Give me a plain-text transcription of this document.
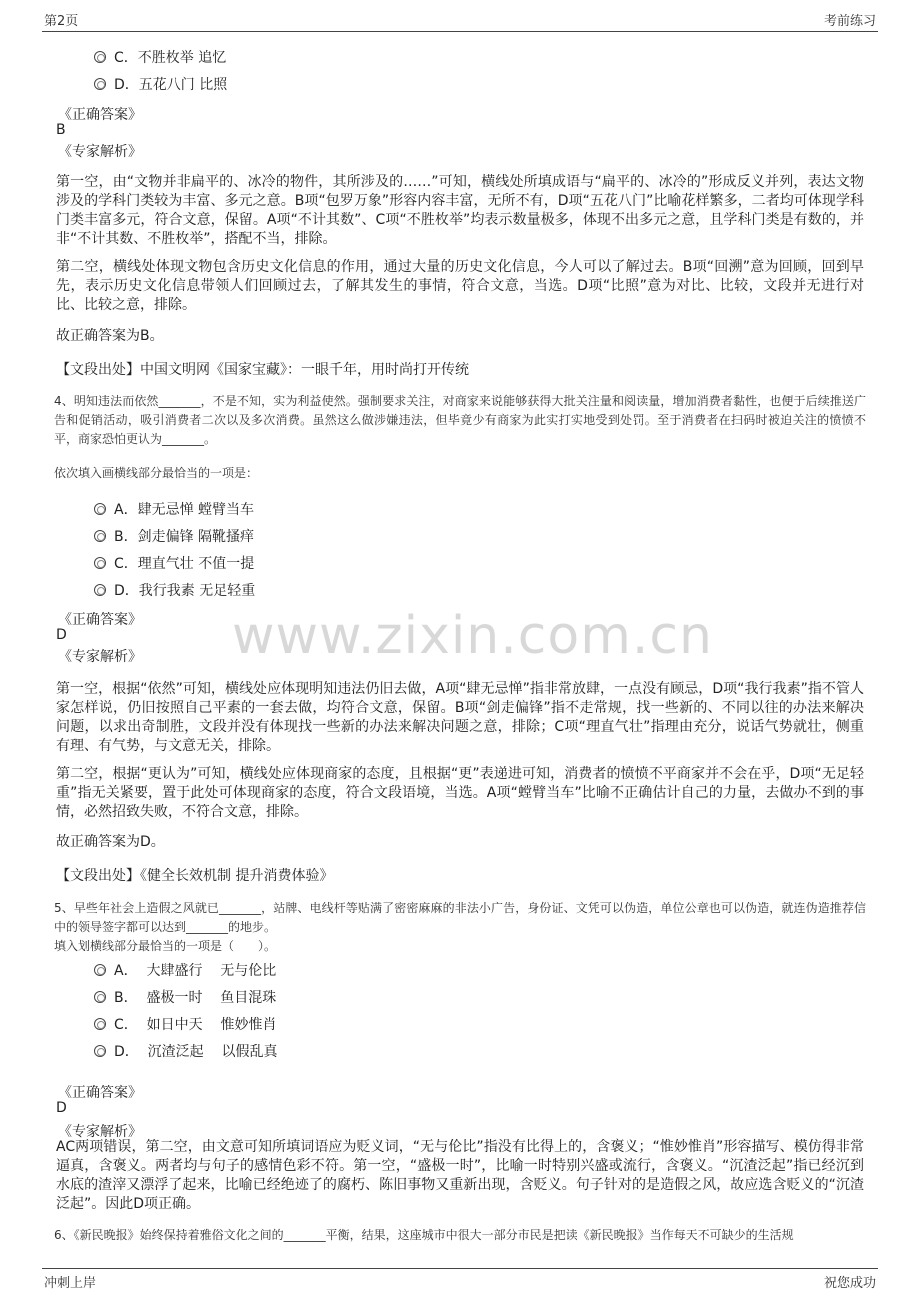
第2页	考前练习
www.zixin.com.cn
C．不胜枚举 追忆
D．五花八门 比照
《正确答案》
B
《专家解析》
第一空，由“文物并非扁平的、冰冷的物件，其所涉及的……”可知，横线处所填成语与“扁平的、冰冷的”形成反义并列，表达文物涉及的学科门类较为丰富、多元之意。B项“包罗万象”形容内容丰富，无所不有，D项“五花八门”比喻花样繁多，二者均可体现学科门类丰富多元，符合文意，保留。A项“不计其数”、C项“不胜枚举”均表示数量极多，体现不出多元之意，且学科门类是有数的，并非“不计其数、不胜枚举”，搭配不当，排除。
第二空，横线处体现文物包含历史文化信息的作用，通过大量的历史文化信息，今人可以了解过去。B项“回溯”意为回顾，回到早先，表示历史文化信息带领人们回顾过去，了解其发生的事情，符合文意，当选。D项“比照”意为对比、比较，文段并无进行对比、比较之意，排除。
故正确答案为B。
【文段出处】中国文明网《国家宝藏》：一眼千年，用时尚打开传统
4、明知违法而依然_______，不是不知，实为利益使然。强制要求关注，对商家来说能够获得大批关注量和阅读量，增加消费者黏性，也便于后续推送广告和促销活动，吸引消费者二次以及多次消费。虽然这么做涉嫌违法，但毕竟少有商家为此实打实地受到处罚。至于消费者在扫码时被迫关注的愤愤不平，商家恐怕更认为_______。
依次填入画横线部分最恰当的一项是：
A．肆无忌惮 螳臂当车
B．剑走偏锋 隔靴搔痒
C．理直气壮 不值一提
D．我行我素 无足轻重
《正确答案》
D
《专家解析》
第一空，根据“依然”可知，横线处应体现明知违法仍旧去做，A项“肆无忌惮”指非常放肆，一点没有顾忌，D项“我行我素”指不管人家怎样说，仍旧按照自己平素的一套去做，均符合文意，保留。B项“剑走偏锋”指不走常规，找一些新的、不同以往的办法来解决问题，以求出奇制胜，文段并没有体现找一些新的办法来解决问题之意，排除；C项“理直气壮”指理由充分，说话气势就壮，侧重有理、有气势，与文意无关，排除。
第二空，根据“更认为”可知，横线处应体现商家的态度，且根据“更”表递进可知，消费者的愤愤不平商家并不会在乎，D项“无足轻重”指无关紧要，置于此处可体现商家的态度，符合文段语境，当选。A项“螳臂当车”比喻不正确估计自己的力量，去做办不到的事情，必然招致失败，不符合文意，排除。
故正确答案为D。
【文段出处】《健全长效机制 提升消费体验》
5、早些年社会上造假之风就已_______，站牌、电线杆等贴满了密密麻麻的非法小广告，身份证、文凭可以伪造，单位公章也可以伪造，就连伪造推荐信中的领导签字都可以达到_______的地步。
填入划横线部分最恰当的一项是（　　）。
A．  大肆盛行    无与伦比
B．  盛极一时    鱼目混珠
C．  如日中天    惟妙惟肖
D．  沉渣泛起    以假乱真
《正确答案》
D
《专家解析》
AC两项错误，第二空，由文意可知所填词语应为贬义词，“无与伦比”指没有比得上的，含褒义；“惟妙惟肖”形容描写、模仿得非常逼真，含褒义。两者均与句子的感情色彩不符。第一空，“盛极一时”，比喻一时特别兴盛或流行，含褒义。“沉渣泛起”指已经沉到水底的渣滓又漂浮了起来，比喻已经绝迹了的腐朽、陈旧事物又重新出现，含贬义。句子针对的是造假之风，故应选含贬义的“沉渣泛起”。因此D项正确。
6、《新民晚报》始终保持着雅俗文化之间的_______平衡，结果，这座城市中很大一部分市民是把读《新民晚报》当作每天不可缺少的生活规
冲刺上岸	祝您成功
